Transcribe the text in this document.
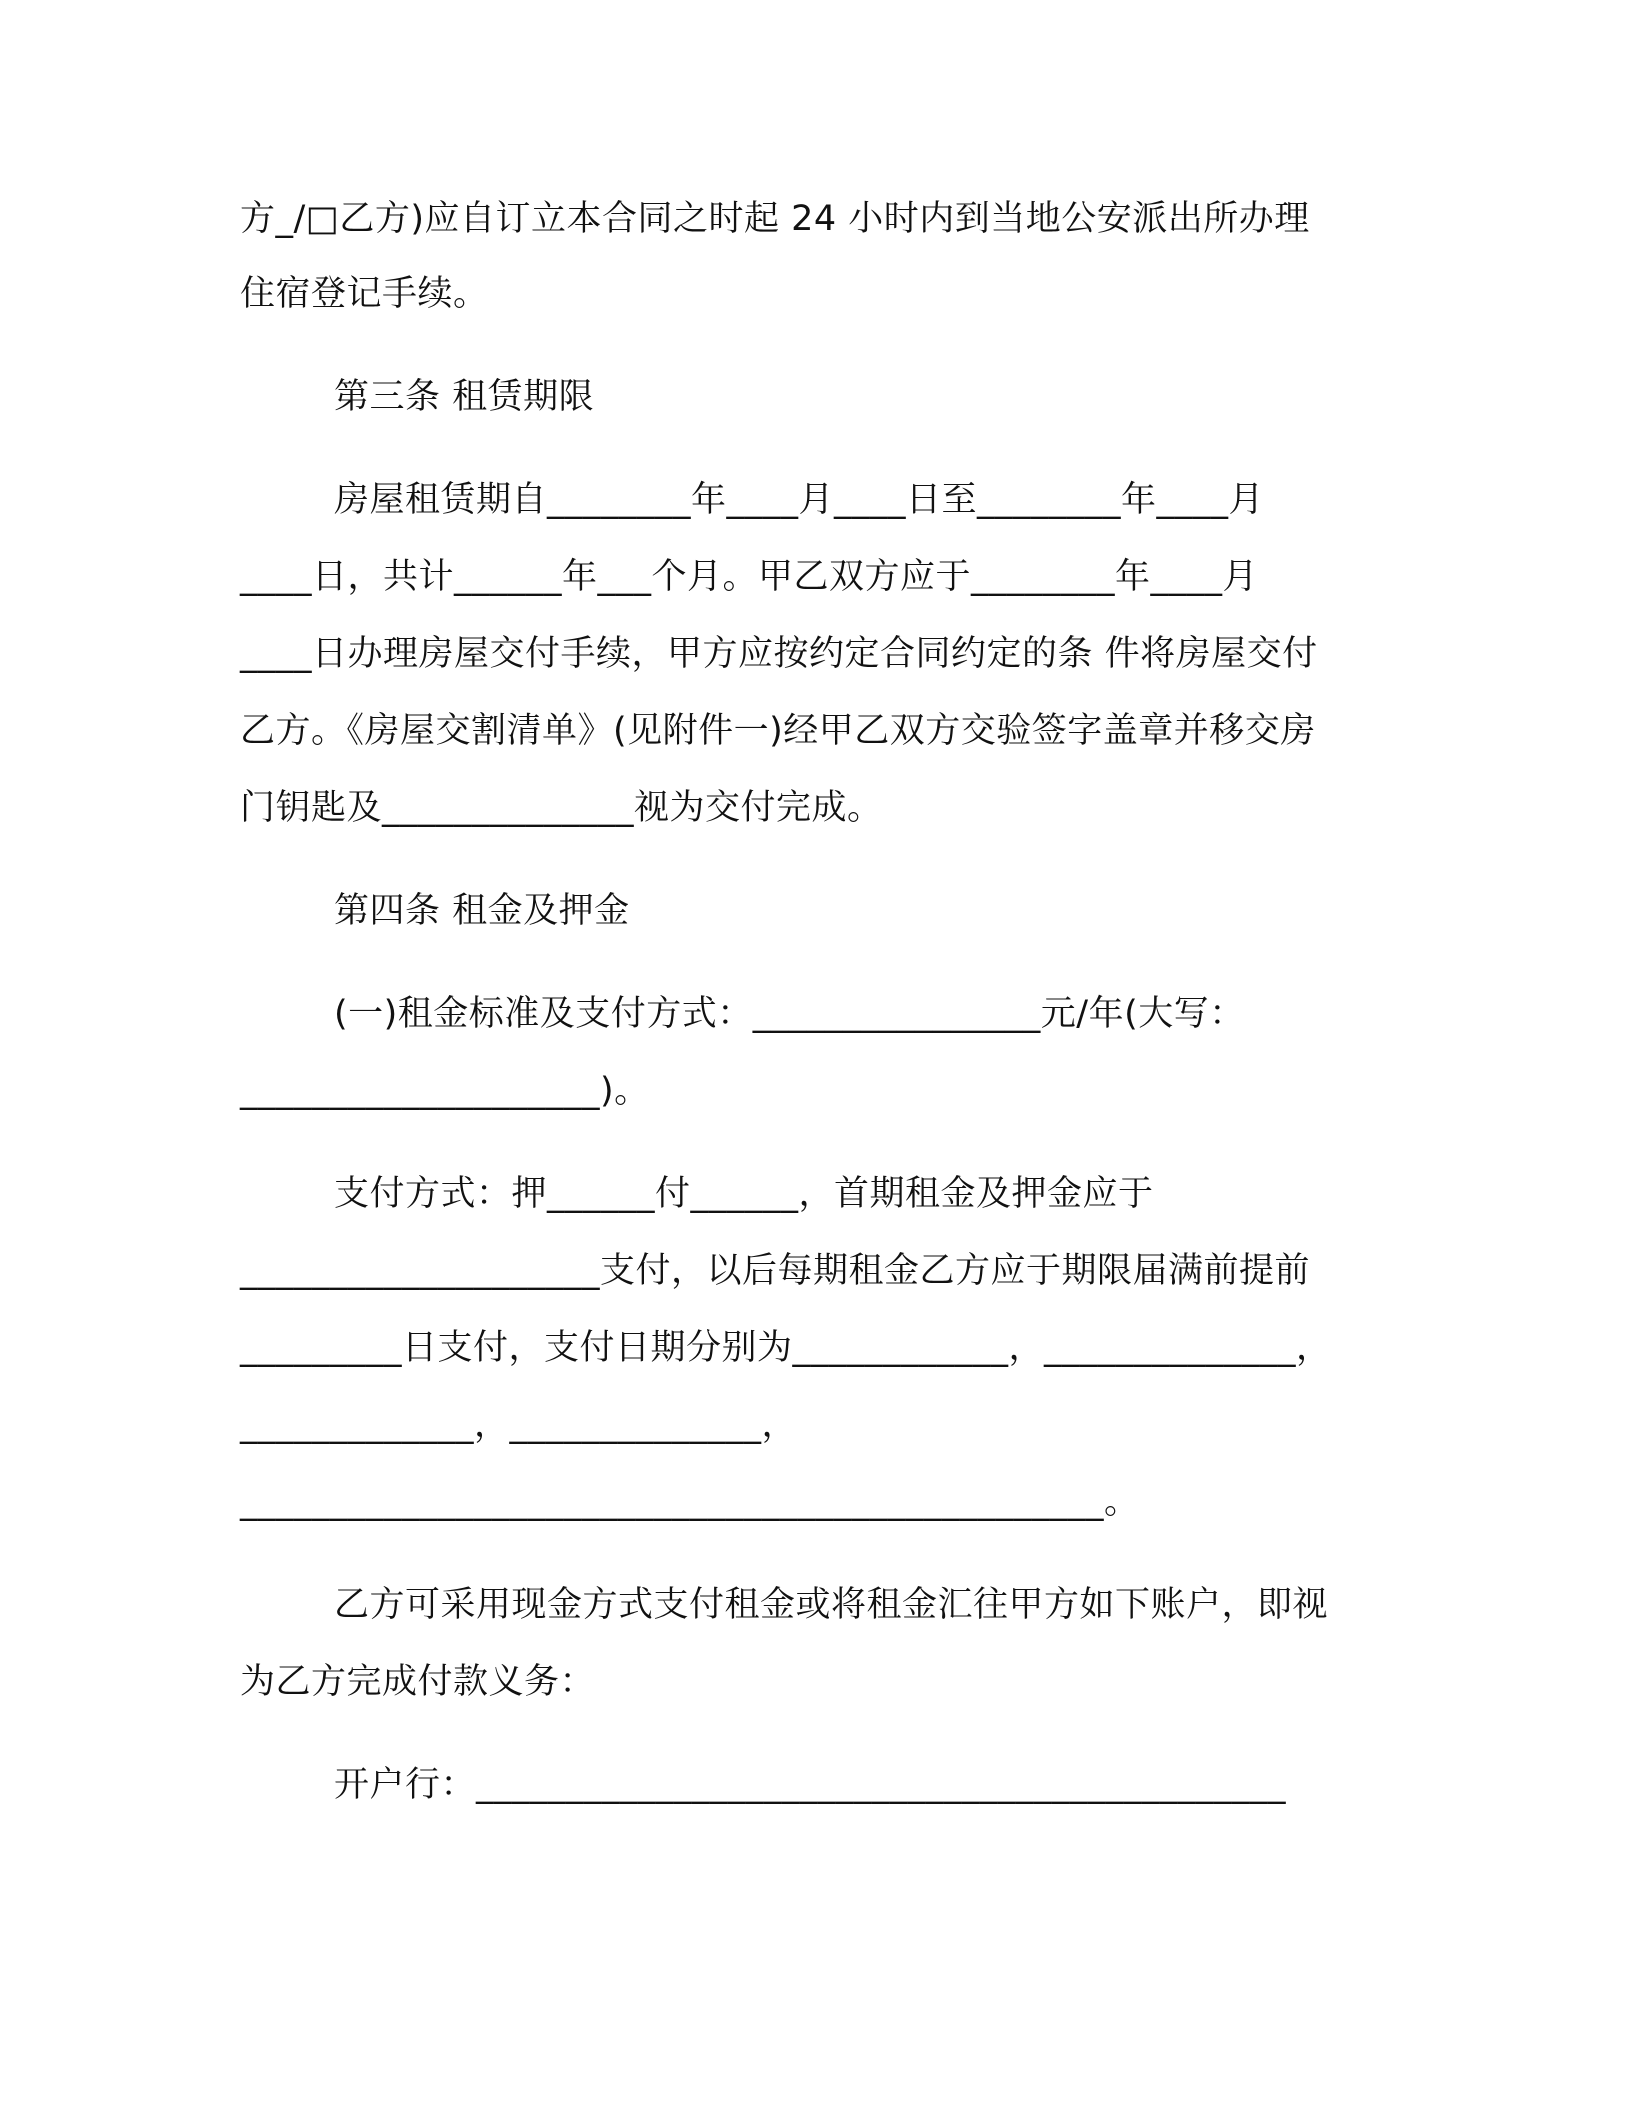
方_/□乙方)应自订立本合同之时起 24 小时内到当地公安派出所办理
住宿登记手续。
第三条 租赁期限
房屋租赁期自________年____月____日至________年____月
____日，共计______年___个月。甲乙双方应于________年____月
____日办理房屋交付手续，甲方应按约定合同约定的条 件将房屋交付
乙方。《房屋交割清单》(见附件一)经甲乙双方交验签字盖章并移交房
门钥匙及______________视为交付完成。
第四条 租金及押金
(一)租金标准及支付方式：________________元/年(大写：
____________________)。
支付方式：押______付______，首期租金及押金应于
____________________支付，以后每期租金乙方应于期限届满前提前
_________日支付，支付日期分别为____________，______________，
_____________，______________，
________________________________________________。
乙方可采用现金方式支付租金或将租金汇往甲方如下账户，即视
为乙方完成付款义务：
开户行：_____________________________________________
